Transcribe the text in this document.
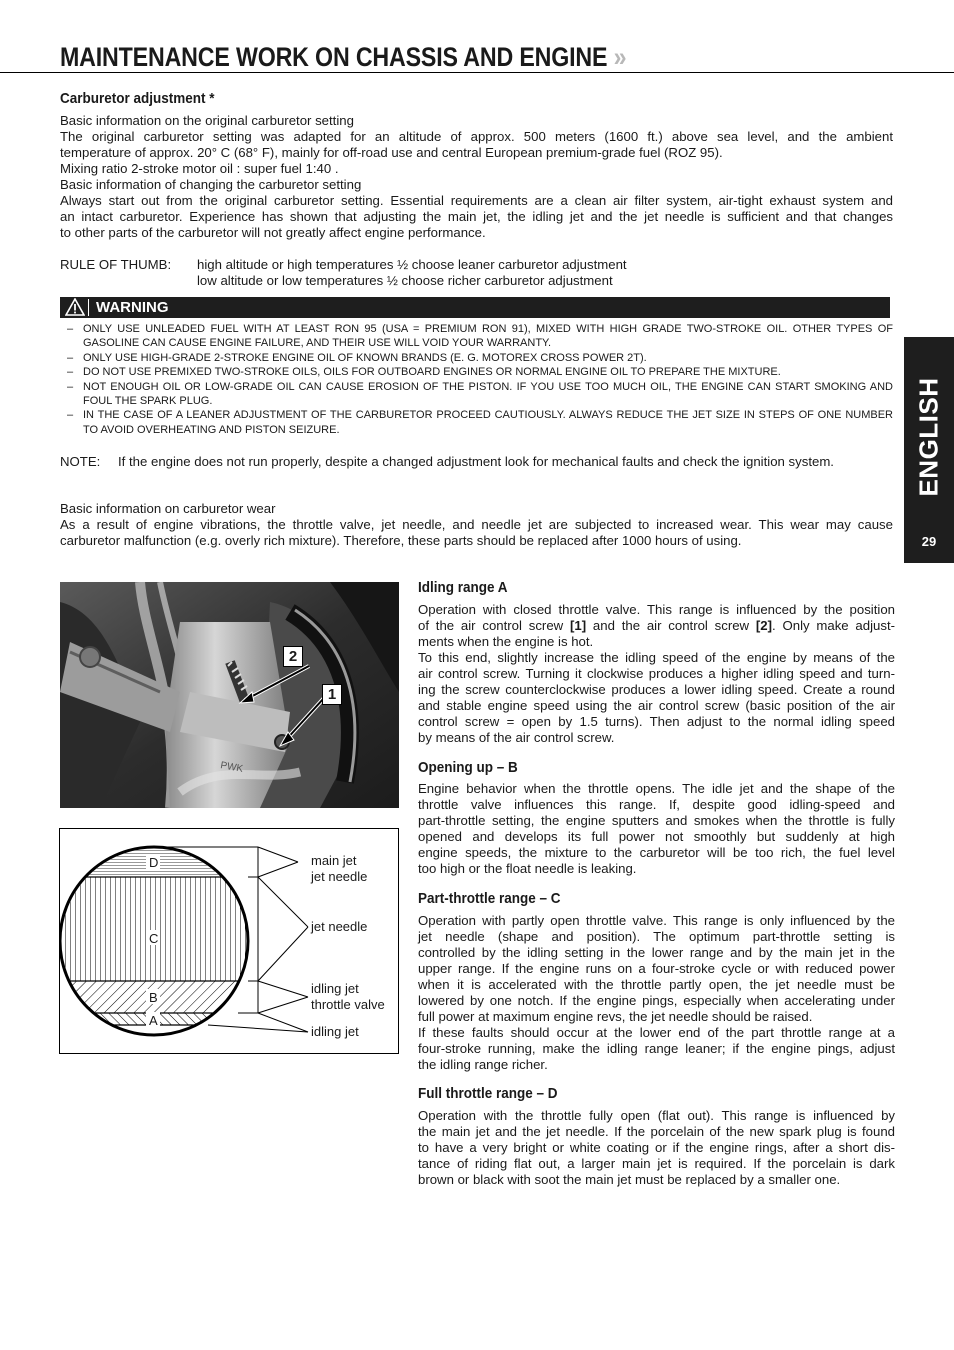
MAINTENANCE WORK ON CHASSIS AND ENGINE »
ENGLISH
29
Carburetor adjustment *
Basic information on the original carburetor setting
The original carburetor setting was adapted for an altitude of approx. 500 meters (1600 ft.) above sea level, and the ambient
temperature of approx. 20° C (68° F), mainly for off-road use and central European premium-grade fuel (ROZ 95).
Mixing ratio 2-stroke motor oil : super fuel 1:40 .
Basic information of changing the carburetor setting
Always start out from the original carburetor setting. Essential requirements are a clean air filter system, air-tight exhaust system and
an intact carburetor. Experience has shown that adjusting the main jet, the idling jet and the jet needle is sufficient and that changes
to other parts of the carburetor will not greatly affect engine performance.
RULE OF THUMB: high altitude or high temperatures ½ choose leaner carburetor adjustment
low altitude or low temperatures ½ choose richer carburetor adjustment
WARNING
– ONLY USE UNLEADED FUEL WITH AT LEAST RON 95 (USA = PREMIUM RON 91), MIXED WITH HIGH GRADE TWO-STROKE OIL. OTHER TYPES OF GASOLINE CAN CAUSE ENGINE FAILURE, AND THEIR USE WILL VOID YOUR WARRANTY.
– ONLY USE HIGH-GRADE 2-STROKE ENGINE OIL OF KNOWN BRANDS (E. G. MOTOREX CROSS POWER 2T).
– DO NOT USE PREMIXED TWO-STROKE OILS, OILS FOR OUTBOARD ENGINES OR NORMAL ENGINE OIL TO PREPARE THE MIXTURE.
– NOT ENOUGH OIL OR LOW-GRADE OIL CAN CAUSE EROSION OF THE PISTON. IF YOU USE TOO MUCH OIL, THE ENGINE CAN START SMOKING AND FOUL THE SPARK PLUG.
– IN THE CASE OF A LEANER ADJUSTMENT OF THE CARBURETOR PROCEED CAUTIOUSLY. ALWAYS REDUCE THE JET SIZE IN STEPS OF ONE NUMBER TO AVOID OVERHEATING AND PISTON SEIZURE.
NOTE: If the engine does not run properly, despite a changed adjustment look for mechanical faults and check the ignition system.
Basic information on carburetor wear
As a result of engine vibrations, the throttle valve, jet needle, and needle jet are subjected to increased wear. This wear may cause
carburetor malfunction (e.g. overly rich mixture). Therefore, these parts should be replaced after 1000 hours of using.
PWK
2
1
D
C
B
A
main jet
jet needle
jet needle
idling jet
throttle valve
idling jet
Idling range A
Operation with closed throttle valve. This range is influenced by the position
of the air control screw [1] and the air control screw [2]. Only make adjust-
ments when the engine is hot.
To this end, slightly increase the idling speed of the engine by means of the
air control screw. Turning it clockwise produces a higher idling speed and turn-
ing the screw counterclockwise produces a lower idling speed. Create a round
and stable engine speed using the air control screw (basic position of the air
control screw = open by 1.5 turns). Then adjust to the normal idling speed
by means of the air control screw.
Opening up – B
Engine behavior when the throttle opens. The idle jet and the shape of the
throttle valve influences this range. If, despite good idling-speed and
part-throttle setting, the engine sputters and smokes when the throttle is fully
opened and develops its full power not smoothly but suddenly at high
engine speeds, the mixture to the carburetor will be too rich, the fuel level
too high or the float needle is leaking.
Part-throttle range – C
Operation with partly open throttle valve. This range is only influenced by the
jet needle (shape and position). The optimum part-throttle setting is
controlled by the idling setting in the lower range and by the main jet in the
upper range. If the engine runs on a four-stroke cycle or with reduced power
when it is accelerated with the throttle partly open, the jet needle must be
lowered by one notch. If the engine pings, especially when accelerating under
full power at maximum engine revs, the jet needle should be raised.
If these faults should occur at the lower end of the part throttle range at a
four-stroke running, make the idling range leaner; if the engine pings, adjust
the idling range richer.
Full throttle range – D
Operation with the throttle fully open (flat out). This range is influenced by
the main jet and the jet needle. If the porcelain of the new spark plug is found
to have a very bright or white coating or if the engine rings, after a short dis-
tance of riding flat out, a larger main jet is required. If the porcelain is dark
brown or black with soot the main jet must be replaced by a smaller one.
